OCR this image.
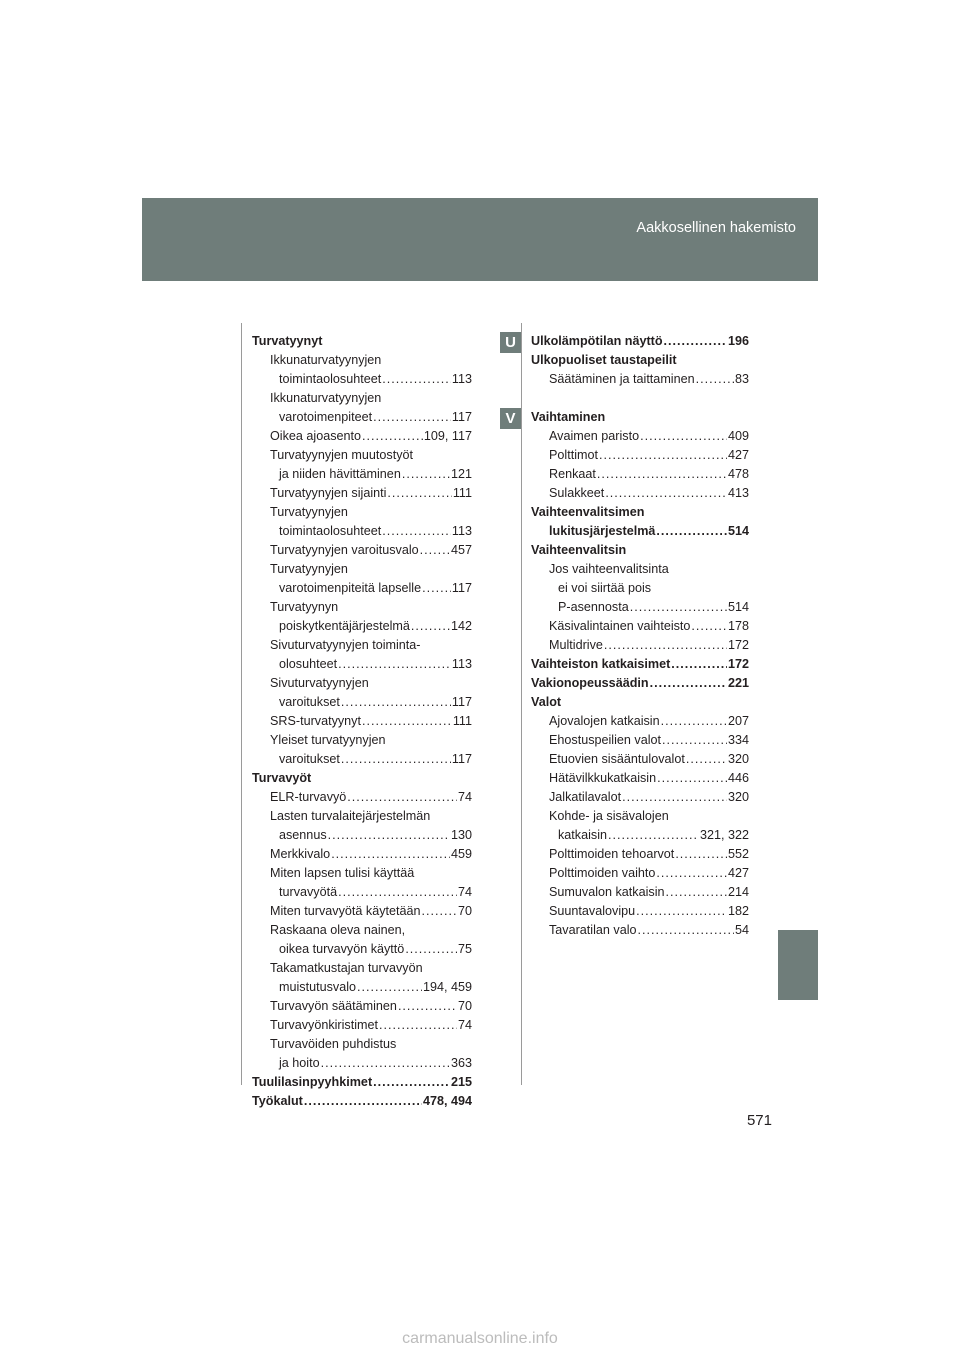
Aakkosellinen hakemisto
U
V
Turvatyynyt
Ikkunaturvatyynyjen
toimintaolosuhteet .....	113
Ikkunaturvatyynyjen
varotoimenpiteet .....	117
Oikea ajoasento .....	109, 117
Turvatyynyjen muutostyöt
ja niiden hävittäminen .....	121
Turvatyynyjen sijainti .....	111
Turvatyynyjen
toimintaolosuhteet .....	113
Turvatyynyjen varoitusvalo .....	457
Turvatyynyjen
varotoimenpiteitä lapselle ..... 117
Turvatyynyn
poiskytkentäjärjestelmä .....	142
Sivuturvatyynyjen toiminta-
olosuhteet .....	113
Sivuturvatyynyjen
varoitukset .....	117
SRS-turvatyynyt .....	111
Yleiset turvatyynyjen
varoitukset .....	117
Turvavyöt
ELR-turvavyö .....	74
Lasten turvalaitejärjestelmän
asennus .....	130
Merkkivalo .....	459
Miten lapsen tulisi käyttää
turvavyötä .....	74
Miten turvavyötä käytetään .....	70
Raskaana oleva nainen,
oikea turvavyön käyttö .....	75
Takamatkustajan turvavyön
muistutusvalo .....	194, 459
Turvavyön säätäminen .....	70
Turvavyönkiristimet .....	74
Turvavöiden puhdistus
ja hoito .....	363
Tuulilasinpyyhkimet .....	215
Työkalut .....	478, 494
Ulkolämpötilan näyttö .....	196
Ulkopuoliset taustapeilit
Säätäminen ja taittaminen .....	83
Vaihtaminen
Avaimen paristo .....	409
Polttimot .....	427
Renkaat .....	478
Sulakkeet .....	413
Vaihteenvalitsimen
lukitusjärjestelmä .....	514
Vaihteenvalitsin
Jos vaihteenvalitsinta
ei voi siirtää pois
P-asennosta .....	514
Käsivalintainen vaihteisto .....	178
Multidrive .....	172
Vaihteiston katkaisimet .....	172
Vakionopeussäädin .....	221
Valot
Ajovalojen katkaisin .....	207
Ehostuspeilien valot .....	334
Etuovien sisääntulovalot .....	320
Hätävilkkukatkaisin .....	446
Jalkatilavalot .....	320
Kohde- ja sisävalojen
katkaisin .....	321, 322
Polttimoiden tehoarvot .....	552
Polttimoiden vaihto .....	427
Sumuvalon katkaisin .....	214
Suuntavalovipu .....	182
Tavaratilan valo .....	54
571
carmanualsonline.info
